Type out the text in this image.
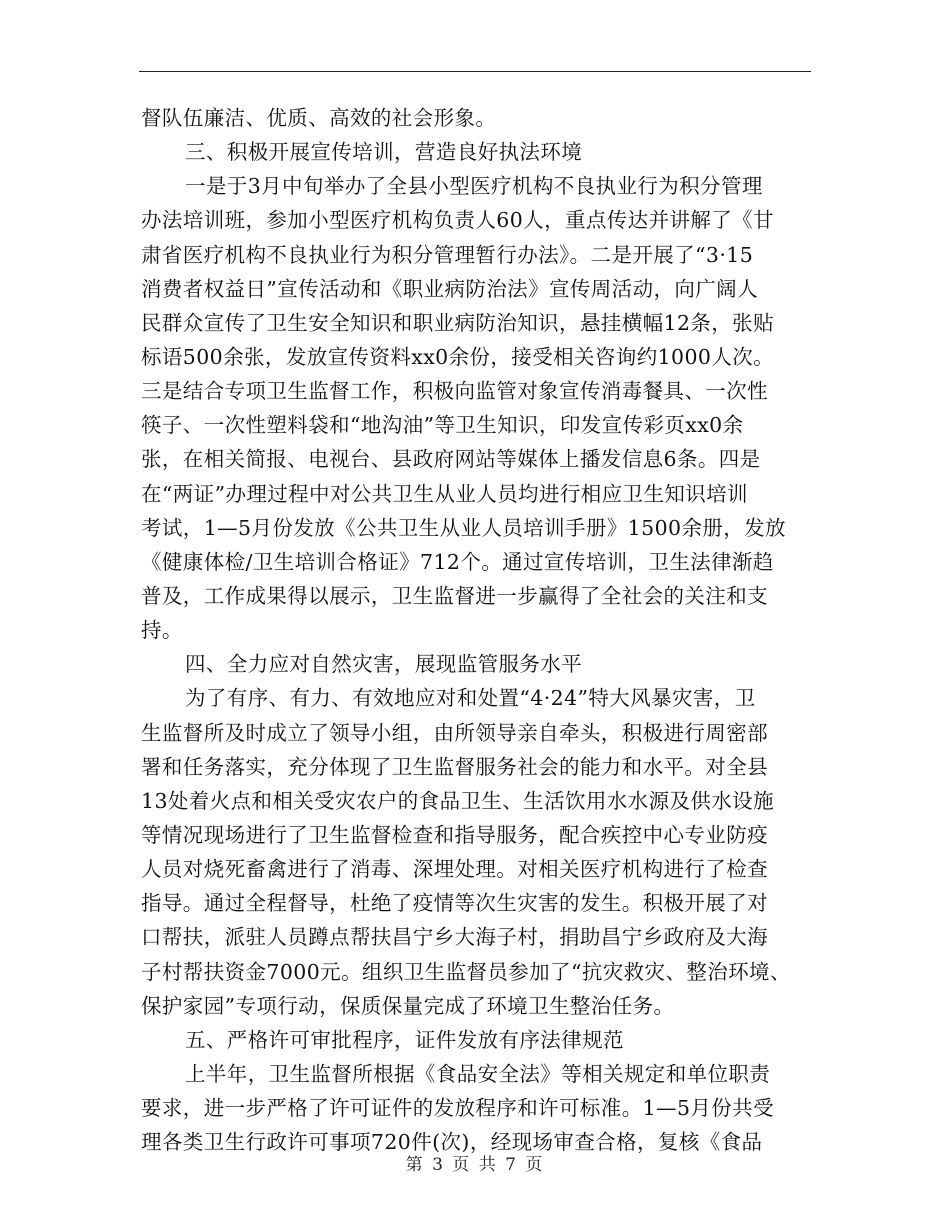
督队伍廉洁、优质、高效的社会形象。
三、积极开展宣传培训，营造良好执法环境
一是于3月中旬举办了全县小型医疗机构不良执业行为积分管理
办法培训班，参加小型医疗机构负责人60人，重点传达并讲解了《甘
肃省医疗机构不良执业行为积分管理暂行办法》。二是开展了“3·15
消费者权益日”宣传活动和《职业病防治法》宣传周活动，向广阔人
民群众宣传了卫生安全知识和职业病防治知识，悬挂横幅12条，张贴
标语500余张，发放宣传资料xx0余份，接受相关咨询约1000人次。
三是结合专项卫生监督工作，积极向监管对象宣传消毒餐具、一次性
筷子、一次性塑料袋和“地沟油”等卫生知识，印发宣传彩页xx0余
张，在相关简报、电视台、县政府网站等媒体上播发信息6条。四是
在“两证”办理过程中对公共卫生从业人员均进行相应卫生知识培训
考试，1—5月份发放《公共卫生从业人员培训手册》1500余册，发放
《健康体检/卫生培训合格证》712个。通过宣传培训，卫生法律渐趋
普及，工作成果得以展示，卫生监督进一步赢得了全社会的关注和支
持。
四、全力应对自然灾害，展现监管服务水平
为了有序、有力、有效地应对和处置“4·24”特大风暴灾害，卫
生监督所及时成立了领导小组，由所领导亲自牵头，积极进行周密部
署和任务落实，充分体现了卫生监督服务社会的能力和水平。对全县
13处着火点和相关受灾农户的食品卫生、生活饮用水水源及供水设施
等情况现场进行了卫生监督检查和指导服务，配合疾控中心专业防疫
人员对烧死畜禽进行了消毒、深埋处理。对相关医疗机构进行了检查
指导。通过全程督导，杜绝了疫情等次生灾害的发生。积极开展了对
口帮扶，派驻人员蹲点帮扶昌宁乡大海子村，捐助昌宁乡政府及大海
子村帮扶资金7000元。组织卫生监督员参加了“抗灾救灾、整治环境、
保护家园”专项行动，保质保量完成了环境卫生整治任务。
五、严格许可审批程序，证件发放有序法律规范
上半年，卫生监督所根据《食品安全法》等相关规定和单位职责
要求，进一步严格了许可证件的发放程序和许可标准。1—5月份共受
理各类卫生行政许可事项720件(次)，经现场审查合格，复核《食品
第 3 页 共 7 页
